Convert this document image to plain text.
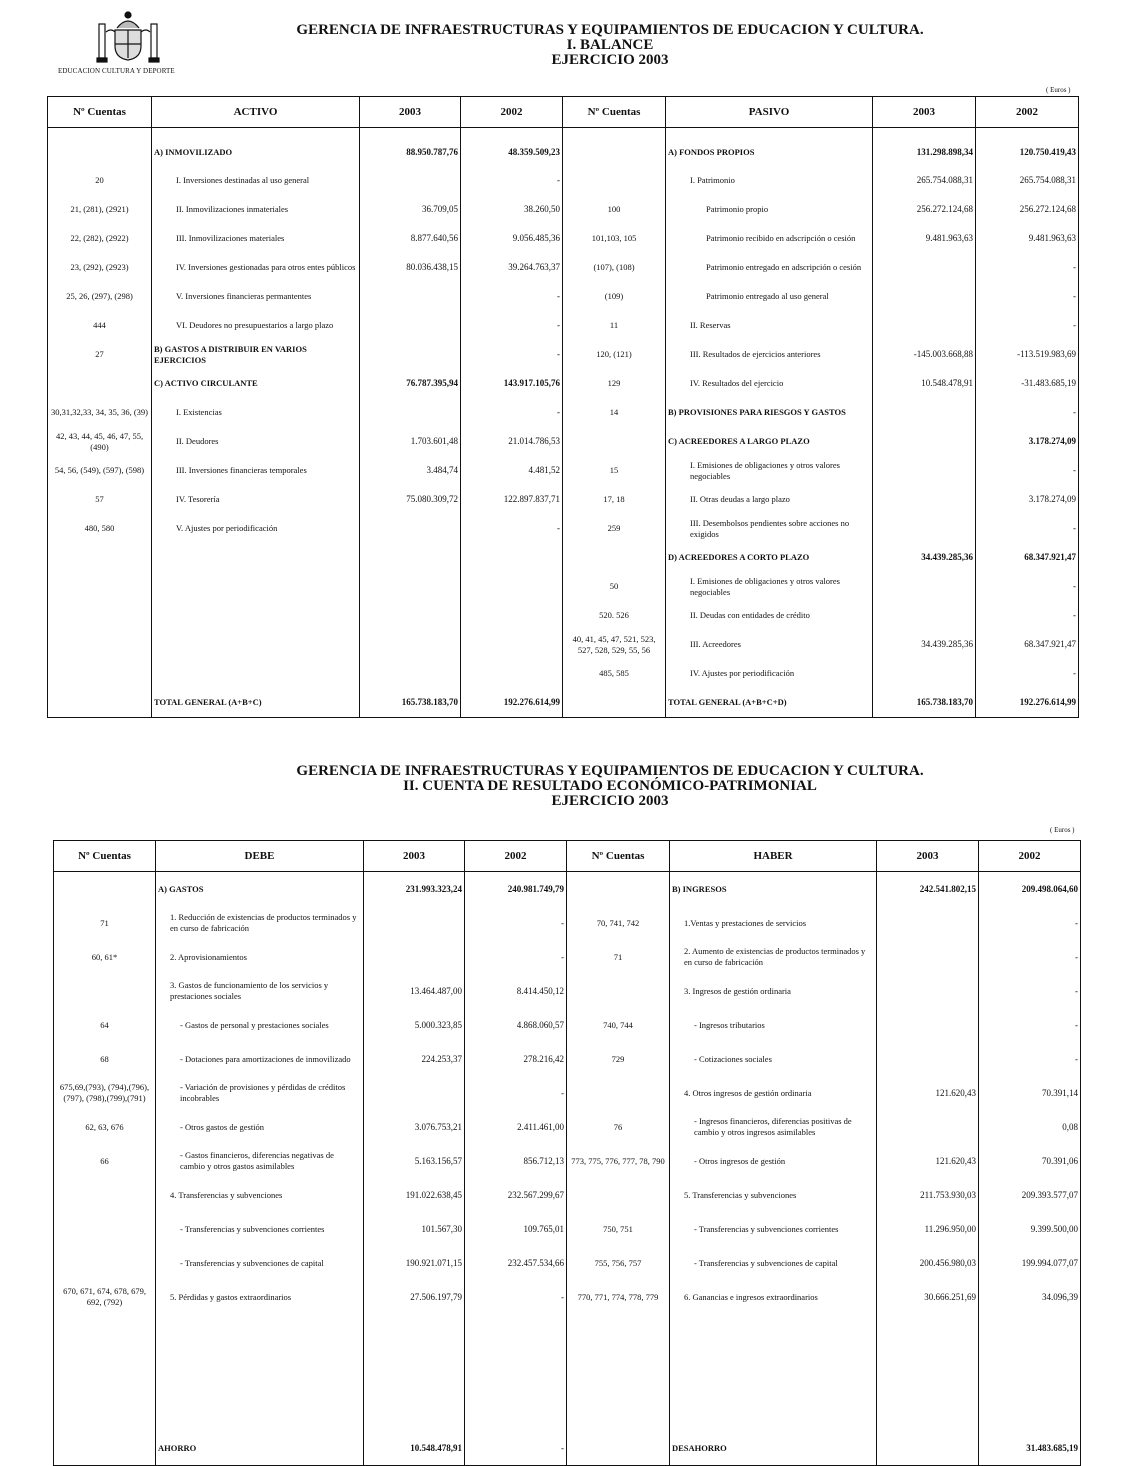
EDUCACION CULTURA Y DEPORTE
GERENCIA DE INFRAESTRUCTURAS Y EQUIPAMIENTOS DE EDUCACION Y CULTURA.
I. BALANCE
EJERCICIO 2003
( Euros )
Nº Cuentas	ACTIVO	2003	2002	Nº Cuentas	PASIVO	2003	2002

	A) INMOVILIZADO	88.950.787,76	48.359.509,23		A) FONDOS PROPIOS	131.298.898,34	120.750.419,43
20	I. Inversiones destinadas al uso general		-		I. Patrimonio	265.754.088,31	265.754.088,31
21, (281), (2921)	II. Inmovilizaciones inmateriales	36.709,05	38.260,50	100	Patrimonio propio	256.272.124,68	256.272.124,68
22, (282), (2922)	III. Inmovilizaciones materiales	8.877.640,56	9.056.485,36	101,103, 105	Patrimonio recibido en adscripción o cesión	9.481.963,63	9.481.963,63
23, (292), (2923)	IV. Inversiones gestionadas para otros entes públicos	80.036.438,15	39.264.763,37	(107), (108)	Patrimonio entregado en adscripción o cesión		-
25, 26, (297), (298)	V. Inversiones financieras permantentes		-	(109)	Patrimonio entregado al uso general		-
444	VI. Deudores no presupuestarios a largo plazo		-	11	II. Reservas		-
27	B) GASTOS A DISTRIBUIR EN VARIOS EJERCICIOS		-	120, (121)	III. Resultados de ejercicios anteriores	-145.003.668,88	-113.519.983,69
	C) ACTIVO CIRCULANTE	76.787.395,94	143.917.105,76	129	IV. Resultados del ejercicio	10.548.478,91	-31.483.685,19
30,31,32,33, 34, 35, 36, (39)	I. Existencias		-	14	B) PROVISIONES PARA RIESGOS Y GASTOS		-
42, 43, 44, 45, 46, 47, 55, (490)	II. Deudores	1.703.601,48	21.014.786,53		C) ACREEDORES A LARGO PLAZO		3.178.274,09
54, 56, (549), (597), (598)	III. Inversiones financieras temporales	3.484,74	4.481,52	15	I. Emisiones de obligaciones y otros valores negociables		-
57	IV. Tesorería	75.080.309,72	122.897.837,71	17, 18	II. Otras deudas a largo plazo		3.178.274,09
480, 580	V. Ajustes por periodificación		-	259	III. Desembolsos pendientes sobre acciones no exigidos		-
					D) ACREEDORES A CORTO PLAZO	34.439.285,36	68.347.921,47
				50	I. Emisiones de obligaciones y otros valores negociables		-
				520. 526	II. Deudas con entidades de crédito		-
				40, 41, 45, 47, 521, 523, 527, 528, 529, 55, 56	III. Acreedores	34.439.285,36	68.347.921,47
				485, 585	IV. Ajustes por periodificación		-
	TOTAL GENERAL (A+B+C)	165.738.183,70	192.276.614,99		TOTAL GENERAL (A+B+C+D)	165.738.183,70	192.276.614,99
GERENCIA DE INFRAESTRUCTURAS Y EQUIPAMIENTOS DE EDUCACION Y CULTURA.
II. CUENTA DE RESULTADO ECONÓMICO-PATRIMONIAL
EJERCICIO 2003
( Euros )
Nº Cuentas	DEBE	2003	2002	Nº Cuentas	HABER	2003	2002
	A) GASTOS	231.993.323,24	240.981.749,79		B) INGRESOS	242.541.802,15	209.498.064,60
71	1. Reducción de existencias de productos terminados y en curso de fabricación		-	70, 741, 742	1.Ventas y prestaciones de servicios		-
60, 61*	2. Aprovisionamientos		-	71	2. Aumento de existencias de productos terminados y en curso de fabricación		-
	3. Gastos de funcionamiento de los servicios y prestaciones sociales	13.464.487,00	8.414.450,12		3. Ingresos de gestión ordinaria		-
64	- Gastos de personal y prestaciones sociales	5.000.323,85	4.868.060,57	740, 744	- Ingresos tributarios		-
68	- Dotaciones para amortizaciones de inmovilizado	224.253,37	278.216,42	729	- Cotizaciones sociales		-
675,69,(793), (794),(796),(797), (798),(799),(791)	- Variación de provisiones y pérdidas de créditos incobrables		-		4. Otros ingresos de gestión ordinaria	121.620,43	70.391,14
62, 63, 676	- Otros gastos de gestión	3.076.753,21	2.411.461,00	76	- Ingresos financieros, diferencias positivas de cambio y otros ingresos asimilables		0,08
66	- Gastos financieros, diferencias negativas de cambio y otros gastos asimilables	5.163.156,57	856.712,13	773, 775, 776, 777, 78, 790	- Otros ingresos de gestión	121.620,43	70.391,06
	4. Transferencias y subvenciones	191.022.638,45	232.567.299,67		5. Transferencias y subvenciones	211.753.930,03	209.393.577,07
	- Transferencias y subvenciones corrientes	101.567,30	109.765,01	750, 751	- Transferencias y subvenciones corrientes	11.296.950,00	9.399.500,00
	- Transferencias y subvenciones de capital	190.921.071,15	232.457.534,66	755, 756, 757	- Transferencias y subvenciones de capital	200.456.980,03	199.994.077,07
670, 671, 674, 678, 679, 692, (792)	5. Pérdidas y gastos extraordinarios	27.506.197,79	-	770, 771, 774, 778, 779	6. Ganancias e ingresos extraordinarios	30.666.251,69	34.096,39

	AHORRO	10.548.478,91	-		DESAHORRO		31.483.685,19
